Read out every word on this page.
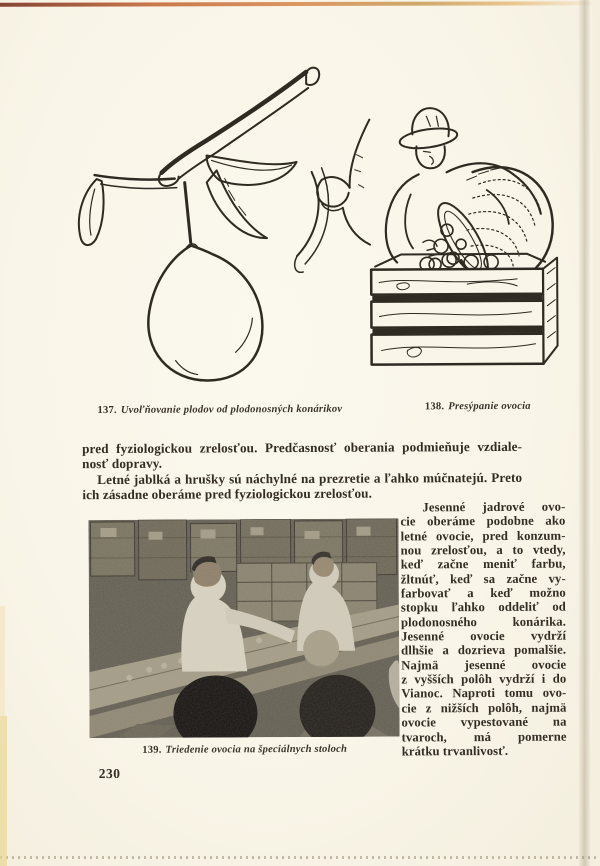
137. Uvoľňovanie plodov od plodonosných konárikov	138. Presýpanie ovocia
139. Triedenie ovocia na špeciálnych stoloch
pred fyziologickou zrelosťou. Predčasnosť oberania podmieňuje vzdiale-
nosť dopravy.
Letné jablká a hrušky sú náchylné na prezretie a ľahko múčnatejú. Preto
ich zásadne oberáme pred fyziologickou zrelosťou.
Jesenné jadrové ovo-
cie oberáme podobne ako
letné ovocie, pred konzum-
nou zrelosťou, a to vtedy,
keď začne meniť farbu,
žltnúť, keď sa začne vy-
farbovať a keď možno
stopku ľahko oddeliť od
plodonosného konárika.
Jesenné ovocie vydrží
dlhšie a dozrieva pomalšie.
Najmä jesenné ovocie
z vyšších polôh vydrží i do
Vianoc. Naproti tomu ovo-
cie z nižších polôh, najmä
ovocie vypestované na
tvaroch, má pomerne
krátku trvanlivosť.
230
